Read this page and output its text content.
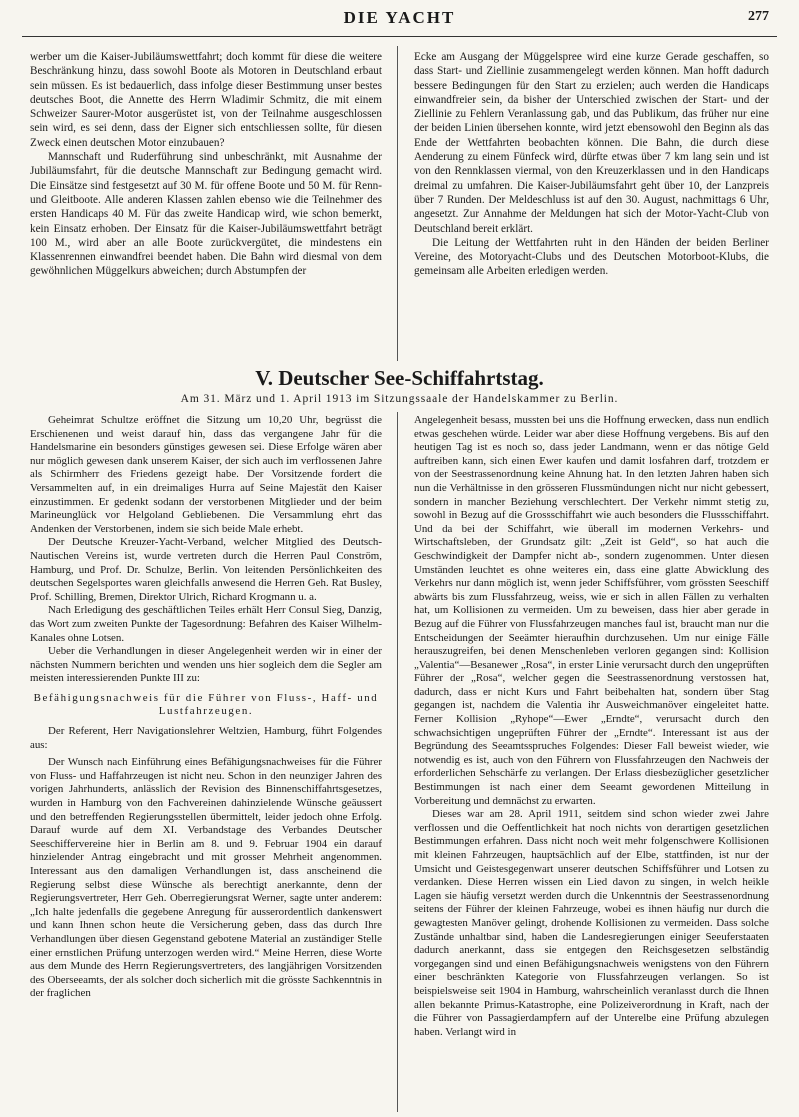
DIE YACHT	277

werber um die Kaiser-Jubiläumswettfahrt; doch kommt für diese die weitere Beschränkung hinzu, dass sowohl Boote als Motoren in Deutschland erbaut sein müssen. Es ist bedauerlich, dass infolge dieser Bestimmung unser bestes deutsches Boot, die Annette des Herrn Wladimir Schmitz, die mit einem Schweizer Saurer-Motor ausgerüstet ist, von der Teilnahme ausgeschlossen sein wird, es sei denn, dass der Eigner sich entschliessen sollte, für diesen Zweck einen deutschen Motor einzubauen?

Mannschaft und Ruderführung sind unbeschränkt, mit Ausnahme der Jubiläumsfahrt, für die deutsche Mannschaft zur Bedingung gemacht wird. Die Einsätze sind festgesetzt auf 30 M. für offene Boote und 50 M. für Renn- und Gleitboote. Alle anderen Klassen zahlen ebenso wie die Teilnehmer des ersten Handicaps 40 M. Für das zweite Handicap wird, wie schon bemerkt, kein Einsatz erhoben. Der Einsatz für die Kaiser-Jubiläumswettfahrt beträgt 100 M., wird aber an alle Boote zurückvergütet, die mindestens ein Klassenrennen einwandfrei beendet haben. Die Bahn wird diesmal von dem gewöhnlichen Müggelkurs abweichen; durch Abstumpfen der

Ecke am Ausgang der Müggelspree wird eine kurze Gerade geschaffen, so dass Start- und Ziellinie zusammengelegt werden können. Man hofft dadurch bessere Bedingungen für den Start zu erzielen; auch werden die Handicaps einwandfreier sein, da bisher der Unterschied zwischen der Start- und der Ziellinie zu Fehlern Veranlassung gab, und das Publikum, das früher nur eine der beiden Linien übersehen konnte, wird jetzt ebensowohl den Beginn als das Ende der Wettfahrten beobachten können. Die Bahn, die durch diese Aenderung zu einem Fünfeck wird, dürfte etwas über 7 km lang sein und ist von den Rennklassen viermal, von den Kreuzerklassen und in den Handicaps dreimal zu umfahren. Die Kaiser-Jubiläumsfahrt geht über 10, der Lanzpreis über 7 Runden. Der Meldeschluss ist auf den 30. August, nachmittags 6 Uhr, angesetzt. Zur Annahme der Meldungen hat sich der Motor-Yacht-Club von Deutschland bereit erklärt.

Die Leitung der Wettfahrten ruht in den Händen der beiden Berliner Vereine, des Motoryacht-Clubs und des Deutschen Motorboot-Klubs, die gemeinsam alle Arbeiten erledigen werden.

V. Deutscher See-Schiffahrtstag.
Am 31. März und 1. April 1913 im Sitzungssaale der Handelskammer zu Berlin.

Geheimrat Schultze eröffnet die Sitzung um 10,20 Uhr, begrüsst die Erschienenen und weist darauf hin, dass das vergangene Jahr für die Handelsmarine ein besonders günstiges gewesen sei. Diese Erfolge wären aber nur möglich gewesen dank unserem Kaiser, der sich auch im verflossenen Jahre als Schirmherr des Friedens gezeigt habe. Der Vorsitzende fordert die Versammelten auf, in ein dreimaliges Hurra auf Seine Majestät den Kaiser einzustimmen. Er gedenkt sodann der verstorbenen Mitglieder und der beim Marineunglück vor Helgoland Gebliebenen. Die Versammlung ehrt das Andenken der Verstorbenen, indem sie sich beide Male erhebt.

Der Deutsche Kreuzer-Yacht-Verband, welcher Mitglied des Deutsch-Nautischen Vereins ist, wurde vertreten durch die Herren Paul Conström, Hamburg, und Prof. Dr. Schulze, Berlin. Von leitenden Persönlichkeiten des deutschen Segelsportes waren gleichfalls anwesend die Herren Geh. Rat Busley, Prof. Schilling, Bremen, Direktor Ulrich, Richard Krogmann u. a.

Nach Erledigung des geschäftlichen Teiles erhält Herr Consul Sieg, Danzig, das Wort zum zweiten Punkte der Tagesordnung: Befahren des Kaiser Wilhelm-Kanales ohne Lotsen.

Ueber die Verhandlungen in dieser Angelegenheit werden wir in einer der nächsten Nummern berichten und wenden uns hier sogleich dem die Segler am meisten interessierenden Punkte III zu:

Befähigungsnachweis für die Führer von Fluss-, Haff- und Lustfahrzeugen.

Der Referent, Herr Navigationslehrer Weltzien, Hamburg, führt Folgendes aus:

Der Wunsch nach Einführung eines Befähigungsnachweises für die Führer von Fluss- und Haffahrzeugen ist nicht neu. Schon in den neunziger Jahren des vorigen Jahrhunderts, anlässlich der Revision des Binnenschiffahrtsgesetzes, wurden in Hamburg von den Fachvereinen dahinzielende Wünsche geäussert und den betreffenden Regierungsstellen übermittelt, leider jedoch ohne Erfolg. Darauf wurde auf dem XI. Verbandstage des Verbandes Deutscher Seeschiffervereine hier in Berlin am 8. und 9. Februar 1904 ein darauf hinzielender Antrag eingebracht und mit grosser Mehrheit angenommen. Interessant aus den damaligen Verhandlungen ist, dass anscheinend die Regierung selbst diese Wünsche als berechtigt anerkannte, denn der Regierungsvertreter, Herr Geh. Oberregierungsrat Werner, sagte unter anderem: „Ich halte jedenfalls die gegebene Anregung für ausserordentlich dankenswert und kann Ihnen schon heute die Versicherung geben, dass das durch Ihre Verhandlungen über diesen Gegenstand gebotene Material an zuständiger Stelle einer ernstlichen Prüfung unterzogen werden wird.“ Meine Herren, diese Worte aus dem Munde des Herrn Regierungsvertreters, des langjährigen Vorsitzenden des Oberseeamts, der als solcher doch sicherlich mit die grösste Sachkenntnis in der fraglichen

Angelegenheit besass, mussten bei uns die Hoffnung erwecken, dass nun endlich etwas geschehen würde. Leider war aber diese Hoffnung vergebens. Bis auf den heutigen Tag ist es noch so, dass jeder Landmann, wenn er das nötige Geld auftreiben kann, sich einen Ewer kaufen und damit losfahren darf, trotzdem er von der Seestrassenordnung keine Ahnung hat. In den letzten Jahren haben sich nun die Verhältnisse in den grösseren Flussmündungen nicht nur nicht gebessert, sondern in mancher Beziehung verschlechtert. Der Verkehr nimmt stetig zu, sowohl in Bezug auf die Grossschiffahrt wie auch besonders die Flussschiffahrt. Und da bei der Schiffahrt, wie überall im modernen Verkehrs- und Wirtschaftsleben, der Grundsatz gilt: „Zeit ist Geld“, so hat auch die Geschwindigkeit der Dampfer nicht ab-, sondern zugenommen. Unter diesen Umständen leuchtet es ohne weiteres ein, dass eine glatte Abwicklung des Verkehrs nur dann möglich ist, wenn jeder Schiffsführer, vom grössten Seeschiff abwärts bis zum Flussfahrzeug, weiss, wie er sich in allen Fällen zu verhalten hat, um Kollisionen zu vermeiden. Um zu beweisen, dass hier aber gerade in Bezug auf die Führer von Flussfahrzeugen manches faul ist, braucht man nur die Entscheidungen der Seeämter hieraufhin durchzusehen. Um nur einige Fälle herauszugreifen, bei denen Menschenleben verloren gegangen sind: Kollision „Valentia“—Besanewer „Rosa“, in erster Linie verursacht durch den ungeprüften Führer der „Rosa“, welcher gegen die Seestrassenordnung verstossen hat, dadurch, dass er nicht Kurs und Fahrt beibehalten hat, sondern über Stag gegangen ist, nachdem die Valentia ihr Ausweichmanöver eingeleitet hatte. Ferner Kollision „Ryhope“—Ewer „Erndte“, verursacht durch den schwachsichtigen ungeprüften Führer der „Erndte“. Interessant ist aus der Begründung des Seeamtsspruches Folgendes: Dieser Fall beweist wieder, wie notwendig es ist, auch von den Führern von Flussfahrzeugen den Nachweis der erforderlichen Sehschärfe zu verlangen. Der Erlass diesbezüglicher gesetzlicher Bestimmungen ist nach einer dem Seeamt gewordenen Mitteilung in Vorbereitung und demnächst zu erwarten.

Dieses war am 28. April 1911, seitdem sind schon wieder zwei Jahre verflossen und die Oeffentlichkeit hat noch nichts von derartigen gesetzlichen Bestimmungen erfahren. Dass nicht noch weit mehr folgenschwere Kollisionen mit kleinen Fahrzeugen, hauptsächlich auf der Elbe, stattfinden, ist nur der Umsicht und Geistesgegenwart unserer deutschen Schiffsführer und Lotsen zu verdanken. Diese Herren wissen ein Lied davon zu singen, in welch heikle Lagen sie häufig versetzt werden durch die Unkenntnis der Seestrassenordnung seitens der Führer der kleinen Fahrzeuge, wobei es ihnen häufig nur durch die gewagtesten Manöver gelingt, drohende Kollisionen zu vermeiden. Dass solche Zustände unhaltbar sind, haben die Landesregierungen einiger Seeuferstaaten dadurch anerkannt, dass sie entgegen den Reichsgesetzen selbständig vorgegangen sind und einen Befähigungsnachweis wenigstens von den Führern einer beschränkten Kategorie von Flussfahrzeugen verlangen. So ist beispielsweise seit 1904 in Hamburg, wahrscheinlich veranlasst durch die Ihnen allen bekannte Primus-Katastrophe, eine Polizeiverordnung in Kraft, nach der die Führer von Passagierdampfern auf der Unterelbe eine Prüfung abzulegen haben. Verlangt wird in
